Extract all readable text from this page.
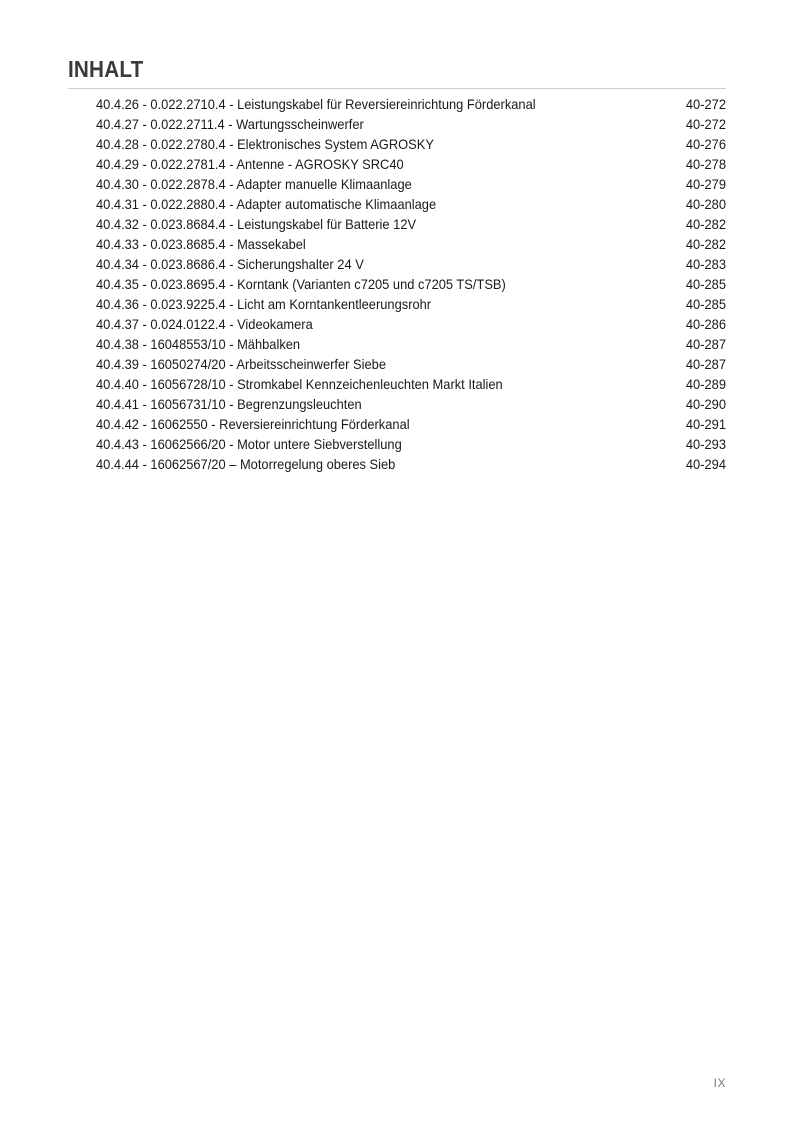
INHALT
40.4.26 - 0.022.2710.4 - Leistungskabel für Reversiereinrichtung Förderkanal	40-272
40.4.27 - 0.022.2711.4 - Wartungsscheinwerfer	40-272
40.4.28 - 0.022.2780.4 - Elektronisches System AGROSKY	40-276
40.4.29 - 0.022.2781.4 - Antenne - AGROSKY SRC40	40-278
40.4.30 - 0.022.2878.4 - Adapter manuelle Klimaanlage	40-279
40.4.31 - 0.022.2880.4 - Adapter automatische Klimaanlage	40-280
40.4.32 - 0.023.8684.4 - Leistungskabel für Batterie 12V	40-282
40.4.33 - 0.023.8685.4 - Massekabel	40-282
40.4.34 - 0.023.8686.4 - Sicherungshalter 24 V	40-283
40.4.35 - 0.023.8695.4 - Korntank (Varianten c7205 und c7205 TS/TSB)	40-285
40.4.36 - 0.023.9225.4 - Licht am Korntankentleerungsrohr	40-285
40.4.37 - 0.024.0122.4 - Videokamera	40-286
40.4.38 - 16048553/10 - Mähbalken	40-287
40.4.39 - 16050274/20 - Arbeitsscheinwerfer Siebe	40-287
40.4.40 - 16056728/10 - Stromkabel Kennzeichenleuchten Markt Italien	40-289
40.4.41 - 16056731/10 - Begrenzungsleuchten	40-290
40.4.42 - 16062550 - Reversiereinrichtung Förderkanal	40-291
40.4.43 - 16062566/20 - Motor untere Siebverstellung	40-293
40.4.44 - 16062567/20 – Motorregelung oberes Sieb	40-294
IX
